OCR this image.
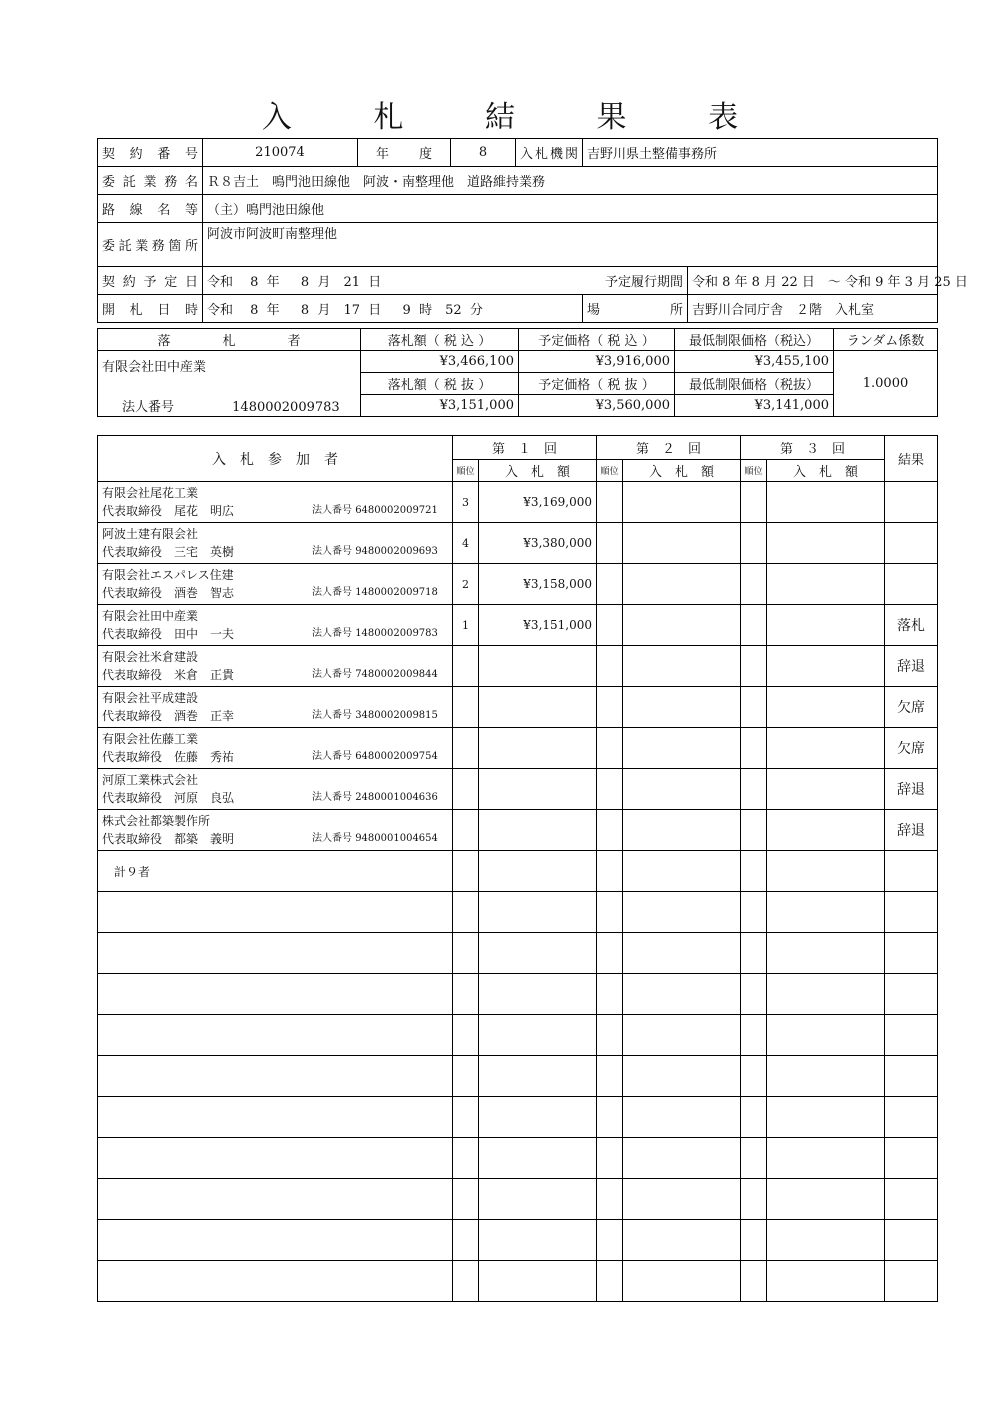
入 札 結 果 表
契約番号	210074	年度	8	入札機関	吉野川県土整備事務所	
委託業務名	Ｒ８吉土　鳴門池田線他　阿波・南整理他　道路維持業務					
路線名等	（主）鳴門池田線他					
委託業務箇所	阿波市阿波町南整理他					
契約予定日	令和　 8  年　  8  月　21  日			予定履行期間		令和 8 年 8 月 22 日　～ 令和 9 年 3 月 25 日
開札日時	令和　 8  年　  8  月　17  日　  9  時　52  分				場　　所	吉野川合同庁舎　２階　入札室
落　　　　札　　　　者	落札額（ 税 込 ）	予定価格（ 税 込 ）	最低制限価格（税込）	ランダム係数
有限会社田中産業	¥3,466,100	¥3,916,000	¥3,455,100	1.0000
	落札額（ 税 抜 ）	予定価格（ 税 抜 ）	最低制限価格（税抜）	
法人番号 1480002009783	¥3,151,000	¥3,560,000	¥3,141,000	
入　札　参　加　者	第　１　回		第　２　回		第　３　回		結果
	順位	入　札　額	順位	入　札　額	順位	入　札　額	

有限会社尾花工業
代表取締役　尾花　明広 法人番号 6480002009721	3	¥3,169,000					

阿波土建有限会社
代表取締役　三宅　英樹 法人番号 9480002009693	4	¥3,380,000					

有限会社エスパレス住建
代表取締役　酒巻　智志 法人番号 1480002009718	2	¥3,158,000					

有限会社田中産業
代表取締役　田中　一夫 法人番号 1480002009783	1	¥3,151,000					落札

有限会社米倉建設
代表取締役　米倉　正貴 法人番号 7480002009844							辞退

有限会社平成建設
代表取締役　酒巻　正幸 法人番号 3480002009815							欠席

有限会社佐藤工業
代表取締役　佐藤　秀祐 法人番号 6480002009754							欠席

河原工業株式会社
代表取締役　河原　良弘 法人番号 2480001004636							辞退

株式会社都築製作所
代表取締役　都築　義明 法人番号 9480001004654							辞退
計９者							
